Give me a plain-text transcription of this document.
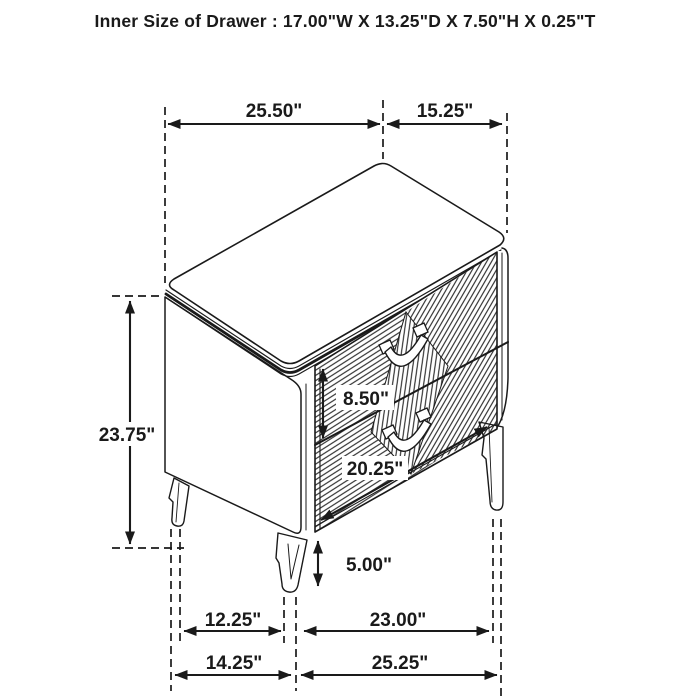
Inner Size of Drawer : 17.00"W X 13.25"D X 7.50"H X 0.25"T
25.50"	15.25"
23.75"
8.50"
20.25"
5.00"
12.25"	23.00"
14.25"	25.25"
